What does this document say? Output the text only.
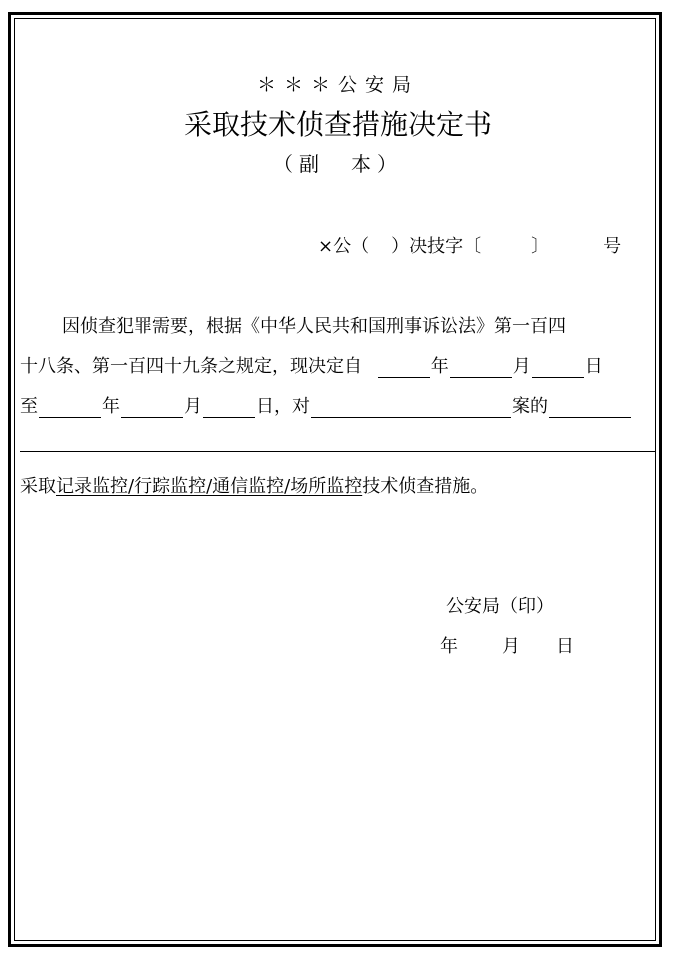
＊＊＊公安局
采取技术侦查措施决定书
（副　本）
×公（ ）决技字〔	〕	号
因侦查犯罪需要，根据《中华人民共和国刑事诉讼法》第一百四
十八条、第一百四十九条之规定，现决定自	年	月	日
至	年	月	日，对	案的
采取记录监控/行踪监控/通信监控/场所监控技术侦查措施。
公安局（印）
年 月 日
